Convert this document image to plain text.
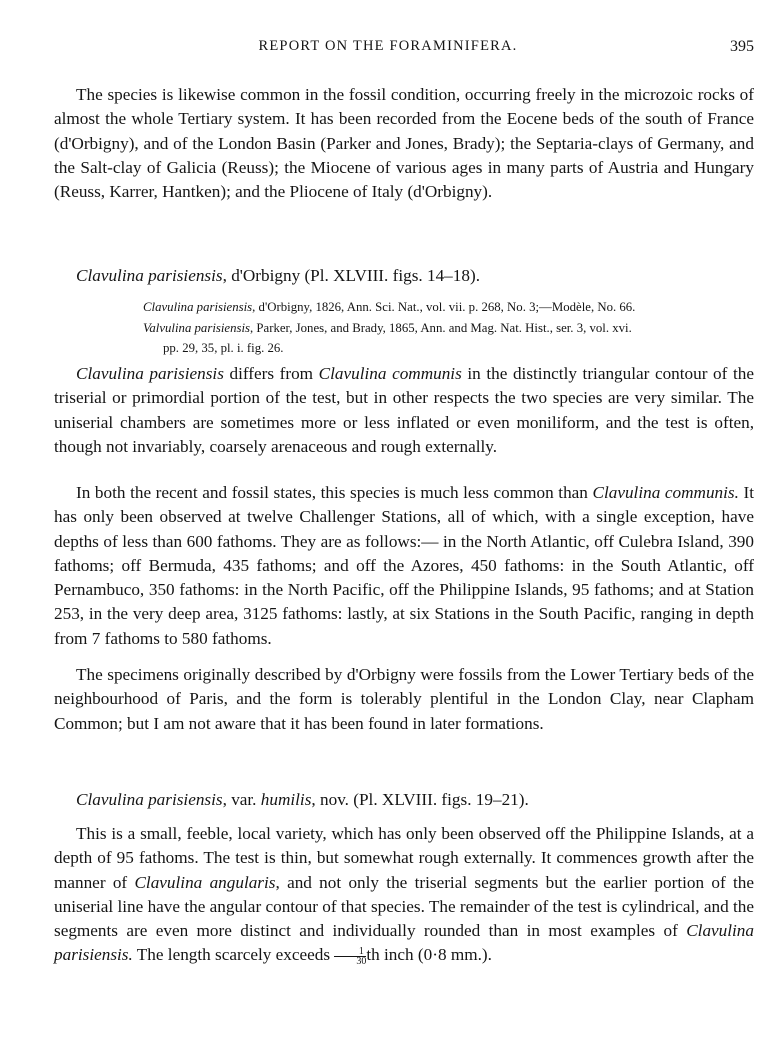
REPORT ON THE FORAMINIFERA.	395

The species is likewise common in the fossil condition, occurring freely in the microzoic rocks of almost the whole Tertiary system. It has been recorded from the Eocene beds of the south of France (d'Orbigny), and of the London Basin (Parker and Jones, Brady); the Septaria-clays of Germany, and the Salt-clay of Galicia (Reuss); the Miocene of various ages in many parts of Austria and Hungary (Reuss, Karrer, Hantken); and the Pliocene of Italy (d'Orbigny).

Clavulina parisiensis, d'Orbigny (Pl. XLVIII. figs. 14–18).
Clavulina parisiensis, d'Orbigny, 1826, Ann. Sci. Nat., vol. vii. p. 268, No. 3;—Modèle, No. 66.
Valvulina parisiensis, Parker, Jones, and Brady, 1865, Ann. and Mag. Nat. Hist., ser. 3, vol. xvi.
pp. 29, 35, pl. i. fig. 26.

Clavulina parisiensis differs from Clavulina communis in the distinctly triangular contour of the triserial or primordial portion of the test, but in other respects the two species are very similar. The uniserial chambers are sometimes more or less inflated or even moniliform, and the test is often, though not invariably, coarsely arenaceous and rough externally.

In both the recent and fossil states, this species is much less common than Clavulina communis. It has only been observed at twelve Challenger Stations, all of which, with a single exception, have depths of less than 600 fathoms. They are as follows:— in the North Atlantic, off Culebra Island, 390 fathoms; off Bermuda, 435 fathoms; and off the Azores, 450 fathoms: in the South Atlantic, off Pernambuco, 350 fathoms: in the North Pacific, off the Philippine Islands, 95 fathoms; and at Station 253, in the very deep area, 3125 fathoms: lastly, at six Stations in the South Pacific, ranging in depth from 7 fathoms to 580 fathoms.

The specimens originally described by d'Orbigny were fossils from the Lower Tertiary beds of the neighbourhood of Paris, and the form is tolerably plentiful in the London Clay, near Clapham Common; but I am not aware that it has been found in later formations.

Clavulina parisiensis, var. humilis, nov. (Pl. XLVIII. figs. 19–21).

This is a small, feeble, local variety, which has only been observed off the Philippine Islands, at a depth of 95 fathoms. The test is thin, but somewhat rough externally. It commences growth after the manner of Clavulina angularis, and not only the triserial segments but the earlier portion of the uniserial line have the angular contour of that species. The remainder of the test is cylindrical, and the segments are even more distinct and individually rounded than in most examples of Clavulina parisiensis. The length scarcely exceeds $\frac{1}{30}$ th inch (0·8 mm.).
